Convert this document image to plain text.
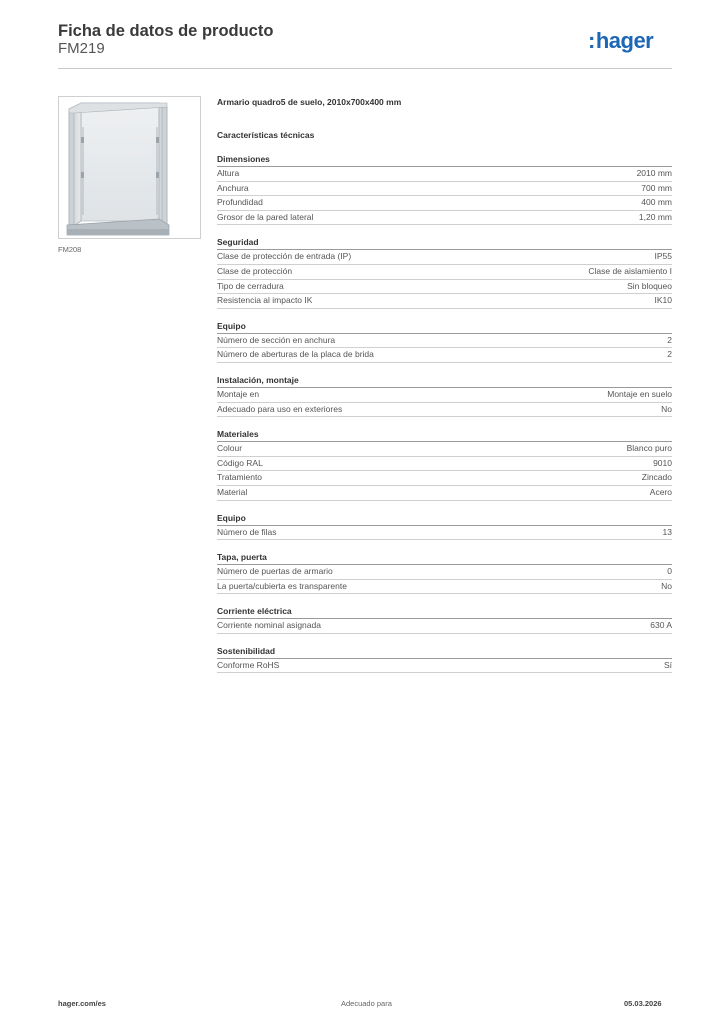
Ficha de datos de producto
FM219	:hager
FM208
Armario quadro5 de suelo, 2010x700x400 mm
Características técnicas
Dimensiones
Altura	2010 mm
Anchura	700 mm
Profundidad	400 mm
Grosor de la pared lateral	1,20 mm
Seguridad
Clase de protección de entrada (IP)	IP55
Clase de protección	Clase de aislamiento I
Tipo de cerradura	Sin bloqueo
Resistencia al impacto IK	IK10
Equipo
Número de sección en anchura	2
Número de aberturas de la placa de brida	2
Instalación, montaje
Montaje en	Montaje en suelo
Adecuado para uso en exteriores	No
Materiales
Colour	Blanco puro
Código RAL	9010
Tratamiento	Zincado
Material	Acero
Equipo
Número de filas	13
Tapa, puerta
Número de puertas de armario	0
La puerta/cubierta es transparente	No
Corriente eléctrica
Corriente nominal asignada	630 A
Sostenibilidad
Conforme RoHS	Sí
hager.com/es	Adecuado para	05.03.2026
